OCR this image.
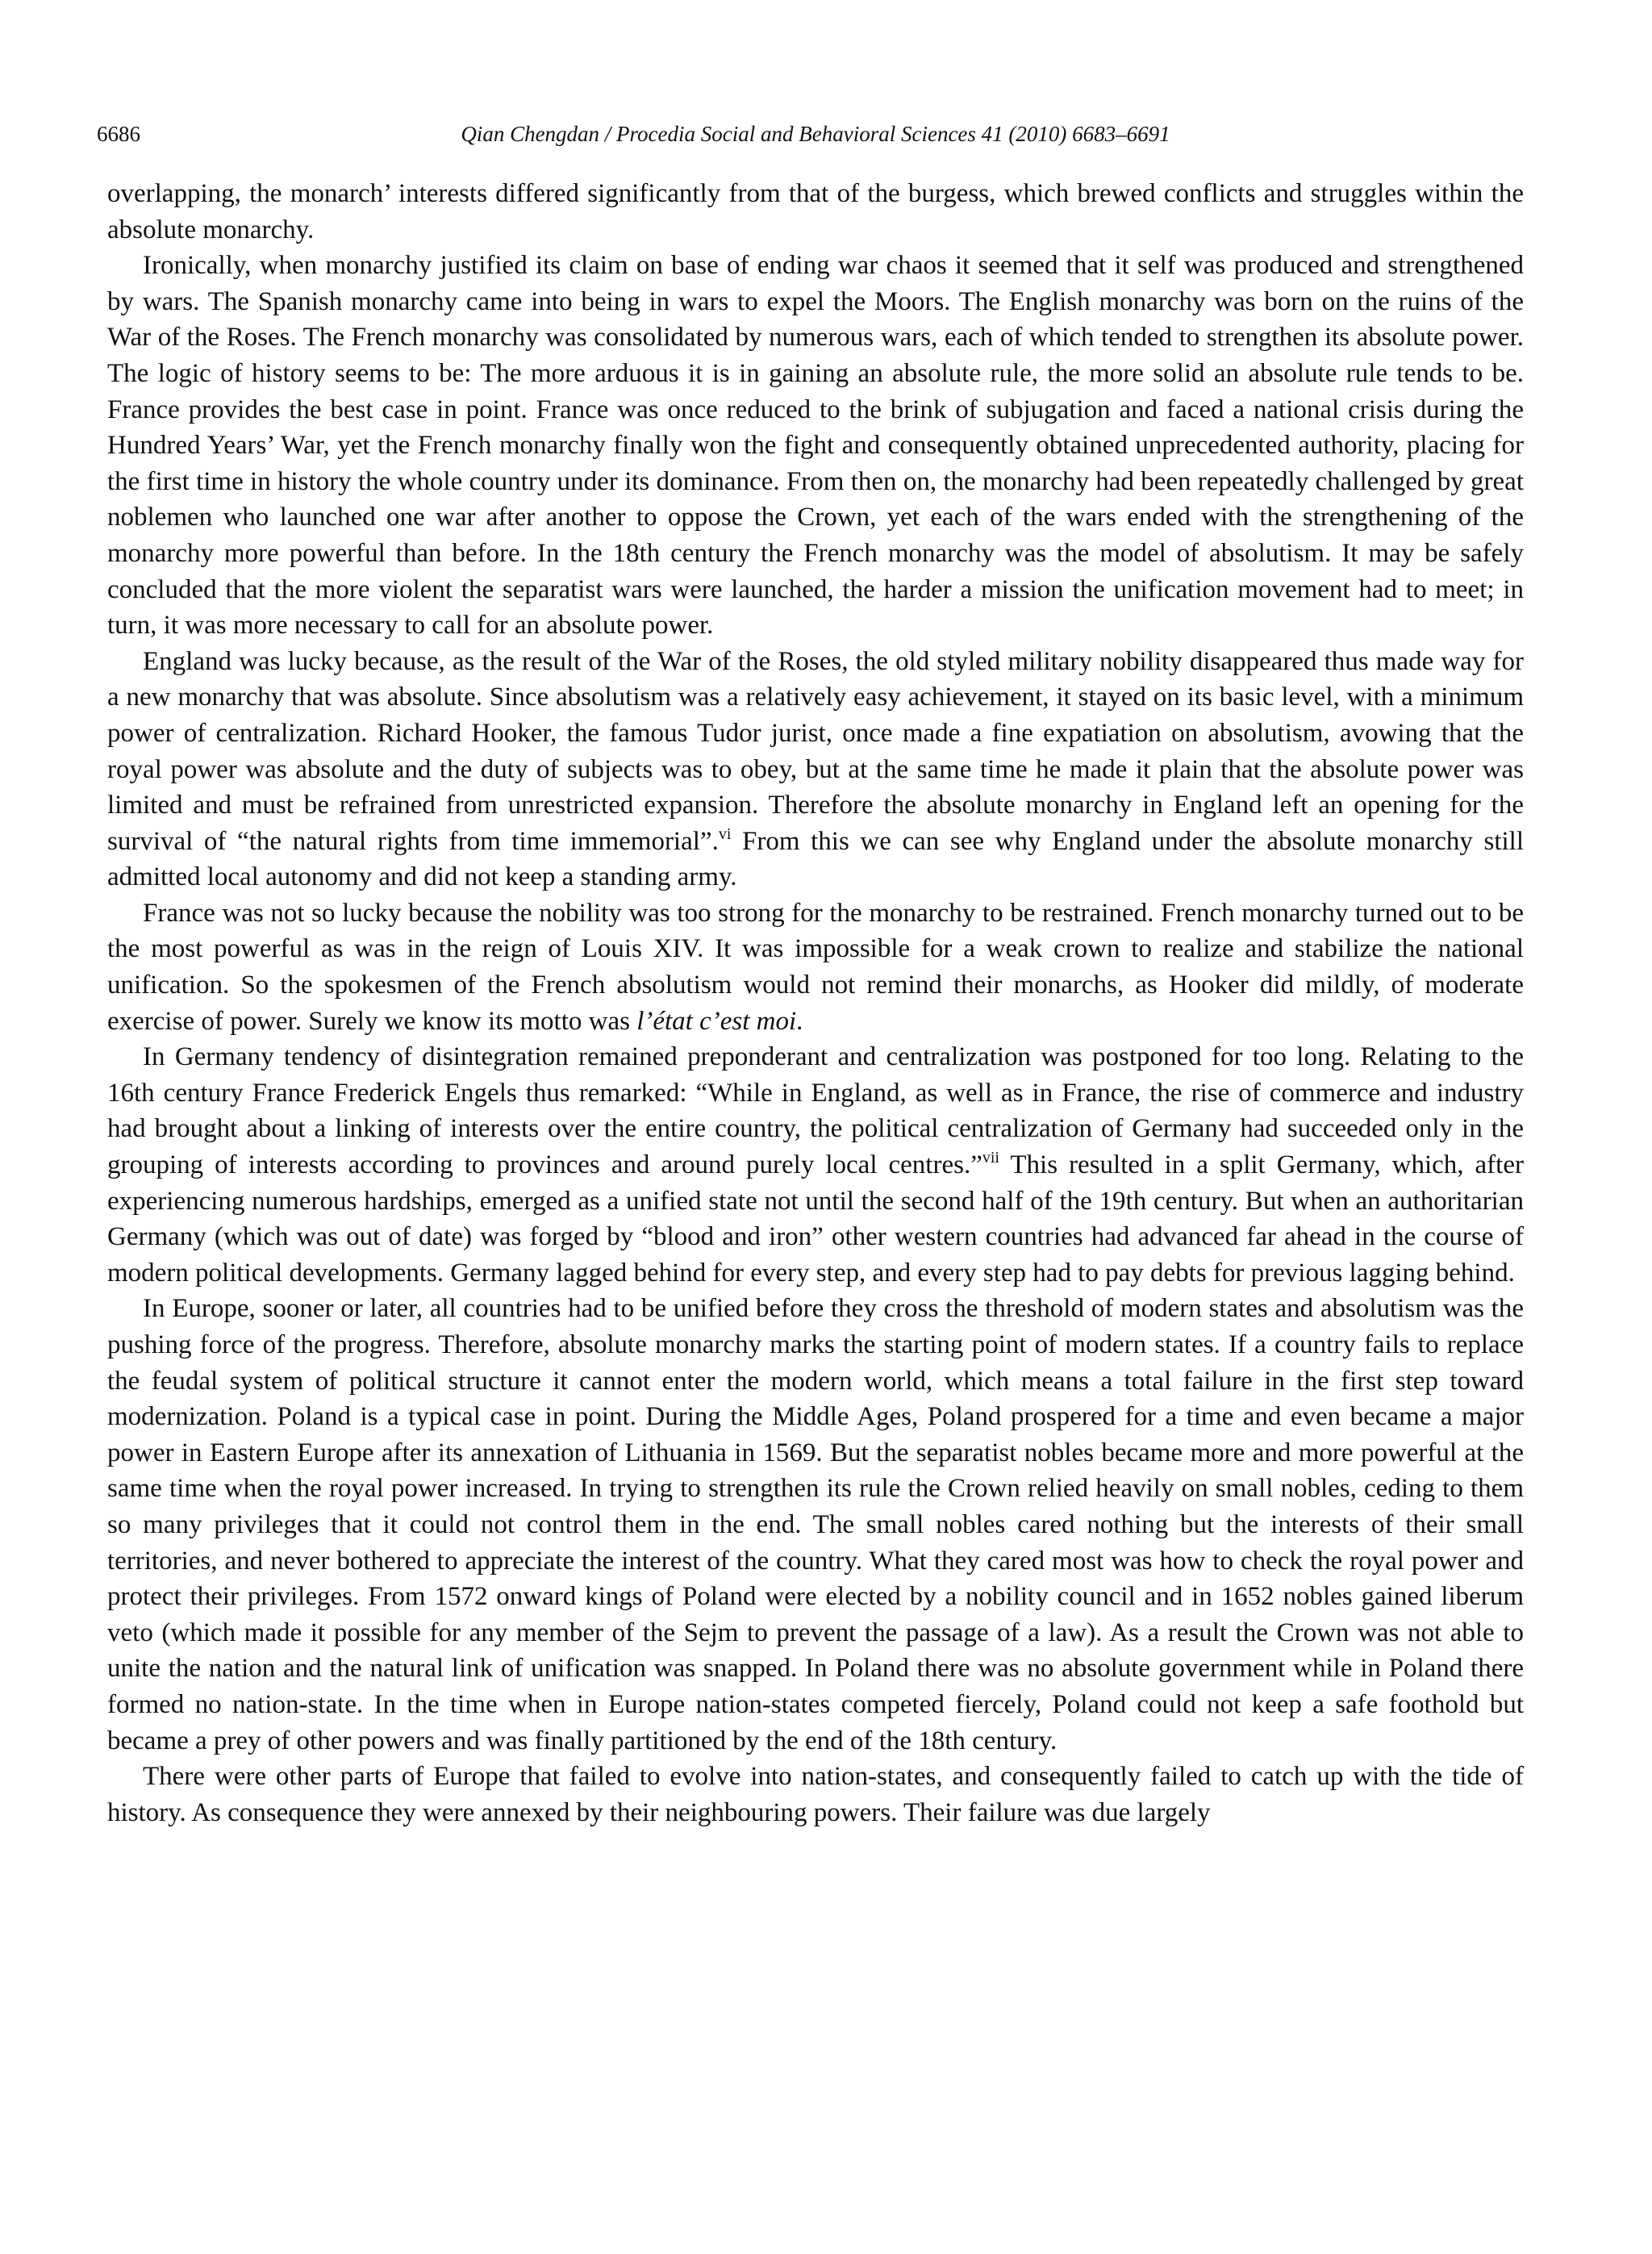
6686	Qian Chengdan / Procedia Social and Behavioral Sciences 41 (2010) 6683–6691

overlapping, the monarch’ interests differed significantly from that of the burgess, which brewed conflicts and struggles within the absolute monarchy.

Ironically, when monarchy justified its claim on base of ending war chaos it seemed that it self was produced and strengthened by wars. The Spanish monarchy came into being in wars to expel the Moors. The English monarchy was born on the ruins of the War of the Roses. The French monarchy was consolidated by numerous wars, each of which tended to strengthen its absolute power. The logic of history seems to be: The more arduous it is in gaining an absolute rule, the more solid an absolute rule tends to be. France provides the best case in point. France was once reduced to the brink of subjugation and faced a national crisis during the Hundred Years’ War, yet the French monarchy finally won the fight and consequently obtained unprecedented authority, placing for the first time in history the whole country under its dominance. From then on, the monarchy had been repeatedly challenged by great noblemen who launched one war after another to oppose the Crown, yet each of the wars ended with the strengthening of the monarchy more powerful than before. In the 18th century the French monarchy was the model of absolutism. It may be safely concluded that the more violent the separatist wars were launched, the harder a mission the unification movement had to meet; in turn, it was more necessary to call for an absolute power.

England was lucky because, as the result of the War of the Roses, the old styled military nobility disappeared thus made way for a new monarchy that was absolute. Since absolutism was a relatively easy achievement, it stayed on its basic level, with a minimum power of centralization. Richard Hooker, the famous Tudor jurist, once made a fine expatiation on absolutism, avowing that the royal power was absolute and the duty of subjects was to obey, but at the same time he made it plain that the absolute power was limited and must be refrained from unrestricted expansion. Therefore the absolute monarchy in England left an opening for the survival of “the natural rights from time immemorial”.$^{vi}$ From this we can see why England under the absolute monarchy still admitted local autonomy and did not keep a standing army.

France was not so lucky because the nobility was too strong for the monarchy to be restrained. French monarchy turned out to be the most powerful as was in the reign of Louis XIV. It was impossible for a weak crown to realize and stabilize the national unification. So the spokesmen of the French absolutism would not remind their monarchs, as Hooker did mildly, of moderate exercise of power. Surely we know its motto was l’état c’est moi.

In Germany tendency of disintegration remained preponderant and centralization was postponed for too long. Relating to the 16th century France Frederick Engels thus remarked: “While in England, as well as in France, the rise of commerce and industry had brought about a linking of interests over the entire country, the political centralization of Germany had succeeded only in the grouping of interests according to provinces and around purely local centres.”$^{vii}$ This resulted in a split Germany, which, after experiencing numerous hardships, emerged as a unified state not until the second half of the 19th century. But when an authoritarian Germany (which was out of date) was forged by “blood and iron” other western countries had advanced far ahead in the course of modern political developments. Germany lagged behind for every step, and every step had to pay debts for previous lagging behind.

In Europe, sooner or later, all countries had to be unified before they cross the threshold of modern states and absolutism was the pushing force of the progress. Therefore, absolute monarchy marks the starting point of modern states. If a country fails to replace the feudal system of political structure it cannot enter the modern world, which means a total failure in the first step toward modernization. Poland is a typical case in point. During the Middle Ages, Poland prospered for a time and even became a major power in Eastern Europe after its annexation of Lithuania in 1569. But the separatist nobles became more and more powerful at the same time when the royal power increased. In trying to strengthen its rule the Crown relied heavily on small nobles, ceding to them so many privileges that it could not control them in the end. The small nobles cared nothing but the interests of their small territories, and never bothered to appreciate the interest of the country. What they cared most was how to check the royal power and protect their privileges. From 1572 onward kings of Poland were elected by a nobility council and in 1652 nobles gained liberum veto (which made it possible for any member of the Sejm to prevent the passage of a law). As a result the Crown was not able to unite the nation and the natural link of unification was snapped. In Poland there was no absolute government while in Poland there formed no nation-state. In the time when in Europe nation-states competed fiercely, Poland could not keep a safe foothold but became a prey of other powers and was finally partitioned by the end of the 18th century.

There were other parts of Europe that failed to evolve into nation-states, and consequently failed to catch up with the tide of history. As consequence they were annexed by their neighbouring powers. Their failure was due largely
